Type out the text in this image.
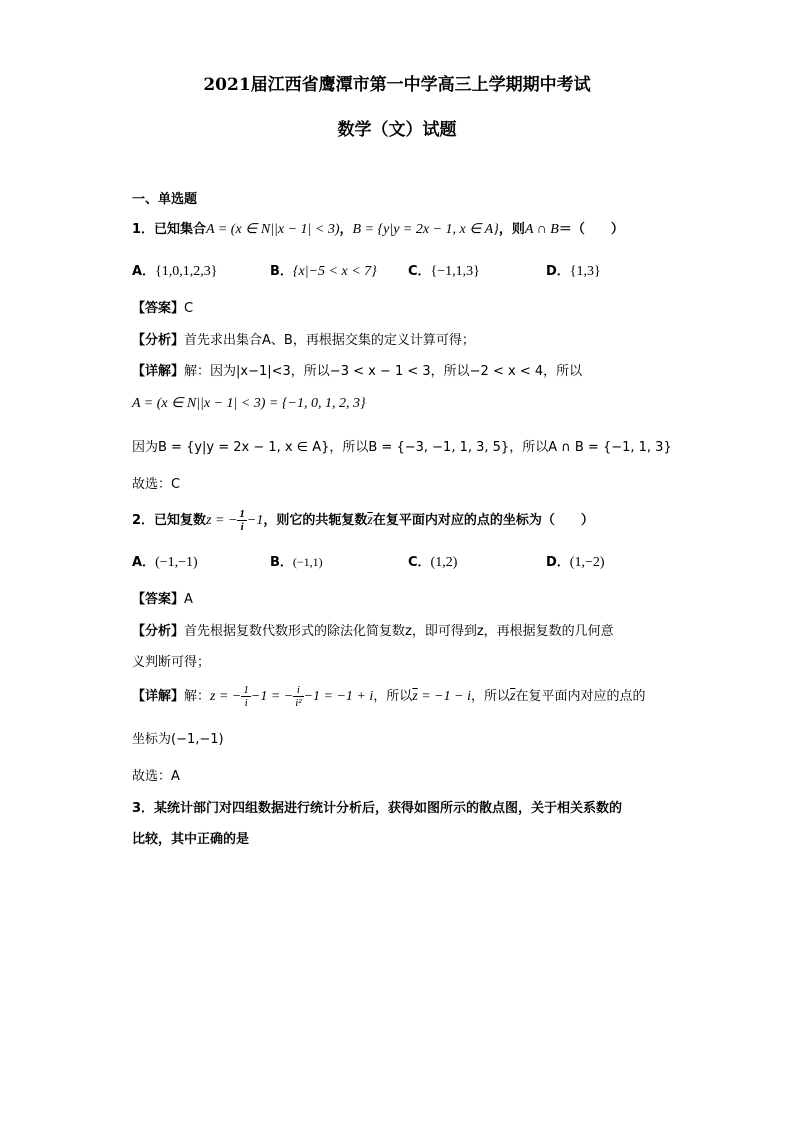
2021届江西省鹰潭市第一中学高三上学期期中考试
数学（文）试题
一、单选题
1．已知集合A = (x ∈ N||x − 1| < 3)，B = {y|y = 2x − 1, x ∈ A}，则A ∩ B＝（　　）
A．{1,0,1,2,3}	B．{x|−5 < x < 7} C．{−1,1,3}	D．{1,3}
【答案】C
【分析】首先求出集合A、B，再根据交集的定义计算可得；
【详解】解：因为|x−1|<3，所以−3 < x − 1 < 3，所以−2 < x < 4，所以
A = (x ∈ N||x − 1| < 3) = {−1, 0, 1, 2, 3}
因为B = {y|y = 2x − 1, x ∈ A}，所以B = {−3, −1, 1, 3, 5}，所以A ∩ B = {−1, 1, 3}
故选：C
2．已知复数z = − $\frac{1}{i} -1$，则它的共轭复数$\overline{z}$在复平面内对应的点的坐标为（　　）
A．(−1,−1)	B．(−1,1)	C．(1,2)	D．(1,−2)
【答案】A
【分析】首先根据复数代数形式的除法化简复数z，即可得到z，再根据复数的几何意
义判断可得；
【详解】解：z = − $\frac{1}{i} -1$ = − $\frac{i}{\text{i²}} -1 = -1 + i$，所以$\overline{z} = -1 - i$，所以$\overline{z}$在复平面内对应的点的
坐标为(−1,−1)
故选：A
3．某统计部门对四组数据进行统计分析后，获得如图所示的散点图，关于相关系数的
比较，其中正确的是
